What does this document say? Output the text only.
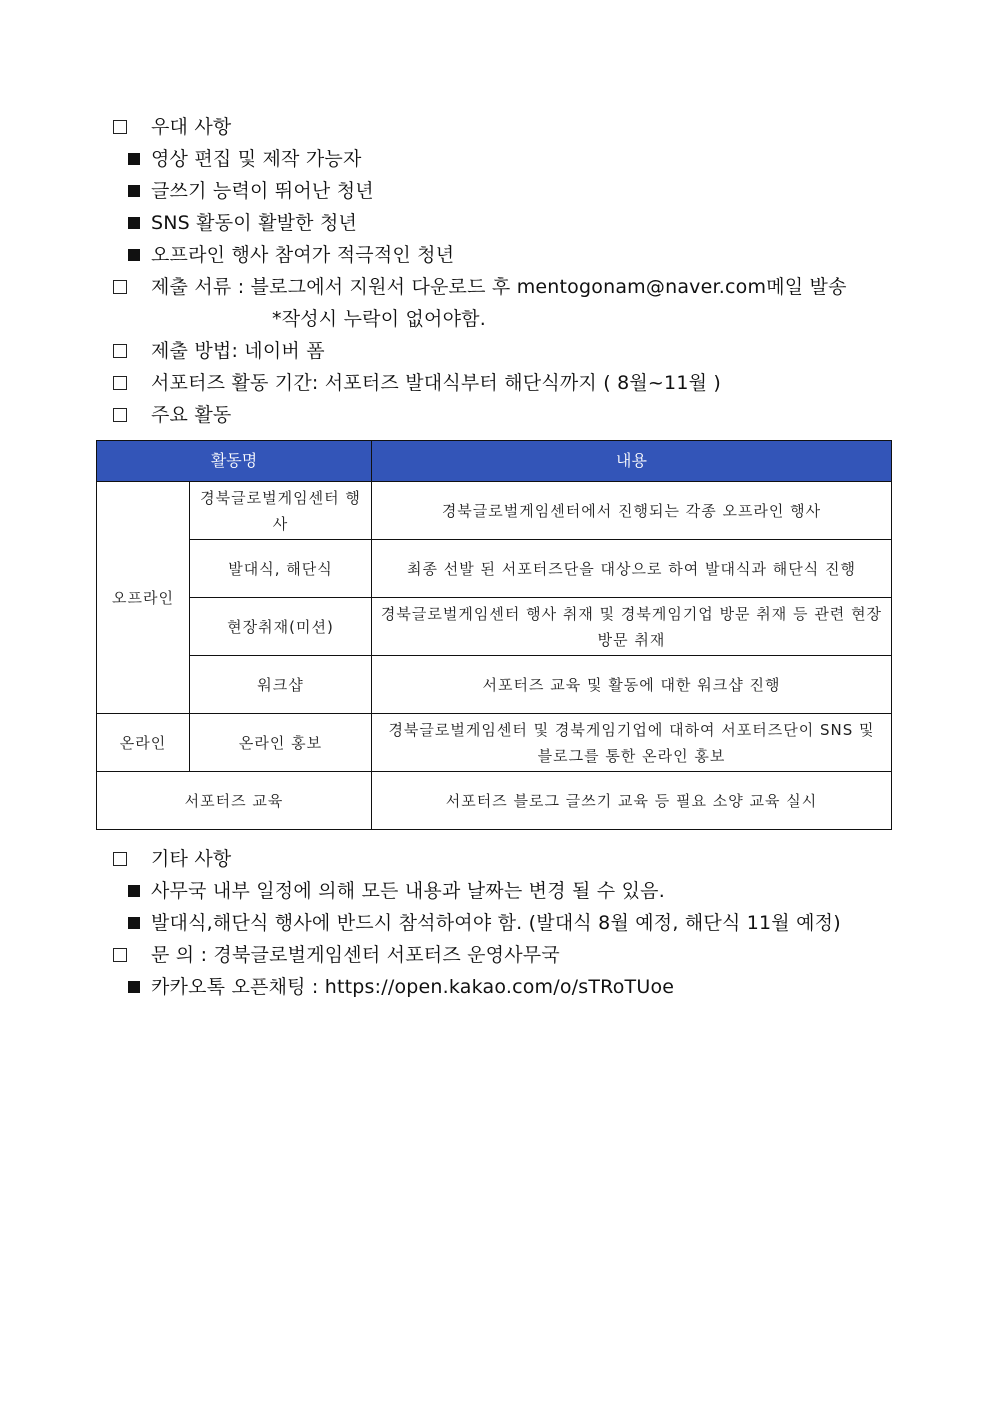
우대 사항
영상 편집 및 제작 가능자
글쓰기 능력이 뛰어난 청년
SNS 활동이 활발한 청년
오프라인 행사 참여가 적극적인 청년
제출 서류 : 블로그에서 지원서 다운로드 후 mentogonam@naver.com메일 발송
*작성시 누락이 없어야함.
제출 방법: 네이버 폼
서포터즈 활동 기간: 서포터즈 발대식부터 해단식까지 ( 8월~11월 )
주요 활동
활동명		내용
오프라인	경북글로벌게임센터 행사	경북글로벌게임센터에서 진행되는 각종 오프라인 행사
	발대식, 해단식	최종 선발 된 서포터즈단을 대상으로 하여 발대식과 해단식 진행
	현장취재(미션)	경북글로벌게임센터 행사 취재 및 경북게임기업 방문 취재 등 관련 현장 방문 취재
	워크샵	서포터즈 교육 및 활동에 대한 워크샵 진행
온라인	온라인 홍보	경북글로벌게임센터 및 경북게임기업에 대하여 서포터즈단이 SNS 및 블로그를 통한 온라인 홍보
서포터즈 교육		서포터즈 블로그 글쓰기 교육 등 필요 소양 교육 실시
기타 사항
사무국 내부 일정에 의해 모든 내용과 날짜는 변경 될 수 있음.
발대식,해단식 행사에 반드시 참석하여야 함. (발대식 8월 예정, 해단식 11월 예정)
문 의 : 경북글로벌게임센터 서포터즈 운영사무국
카카오톡 오픈채팅 : https://open.kakao.com/o/sTRoTUoe
